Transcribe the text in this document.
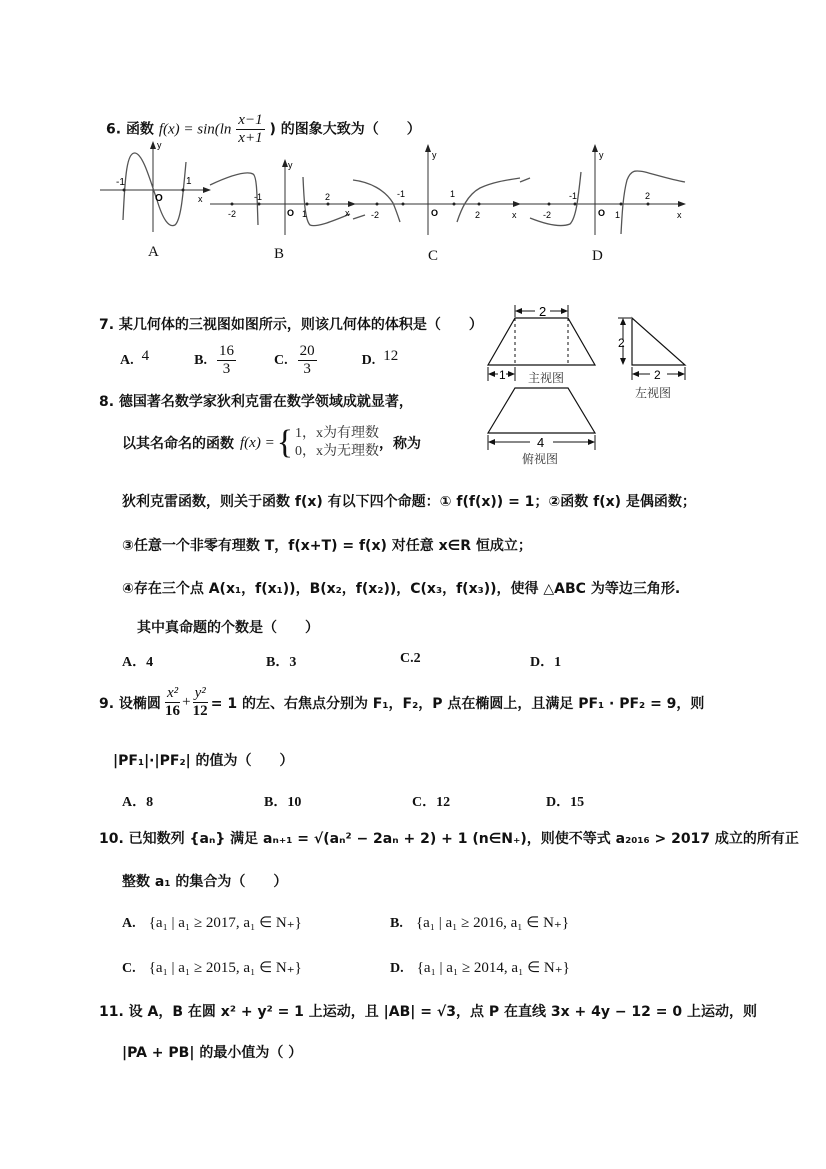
6. 函数 $f(x) = \sin(\ln \frac{x-1}{x+1}$ ) 的图象大致为（　　）
-1
O
1
x
y
-2
-1
O 1
2
x
y
-2
-1
O
1
2	x
y
-2
-1
O 1
2
x
y
A	B	C	D
7. 某几何体的三视图如图所示，则该几何体的体积是（　　）
A. 4	B. $\frac{16}{3}$	C. $\frac{20}{3}$	D. 12
2
1 主视图
2
2
左视图
4
俯视图
8. 德国著名数学家狄利克雷在数学领域成就显著，
以其名命名的函数 f(x) = { 1，x为有理数
0，x为无理数 ，称为
狄利克雷函数，则关于函数 f(x) 有以下四个命题：① f(f(x)) = 1；②函数 f(x) 是偶函数；
③任意一个非零有理数 T，f(x+T) = f(x) 对任意 x∈R 恒成立；
④存在三个点 A(x₁，f(x₁))，B(x₂，f(x₂))，C(x₃，f(x₃))，使得 △ABC 为等边三角形.
其中真命题的个数是（　　）
A．4	B．3	C.2	D．1
9. 设椭圆 $\frac{\text{x²}}{16} + \frac{\text{y²}}{12} = 1$ 的左、右焦点分别为 F₁，F₂，P 点在椭圆上，且满足 PF₁ · PF₂ = 9，则
|PF₁|·|PF₂| 的值为（　　）
A．8	B．10	C．12	D．15
10. 已知数列 {aₙ} 满足 aₙ₊₁ = √(aₙ² − 2aₙ + 2) + 1 (n∈N₊)，则使不等式 a₂₀₁₆ > 2017 成立的所有正
整数 a₁ 的集合为（　　）
A. {a₁ | a₁ ≥ 2017, a₁ ∈ N₊}	B. {a₁ | a₁ ≥ 2016, a₁ ∈ N₊}
C. {a₁ | a₁ ≥ 2015, a₁ ∈ N₊}	D. {a₁ | a₁ ≥ 2014, a₁ ∈ N₊}
11. 设 A，B 在圆 x² + y² = 1 上运动，且 |AB| = √3，点 P 在直线 3x + 4y − 12 = 0 上运动，则
|PA + PB| 的最小值为（ ）
